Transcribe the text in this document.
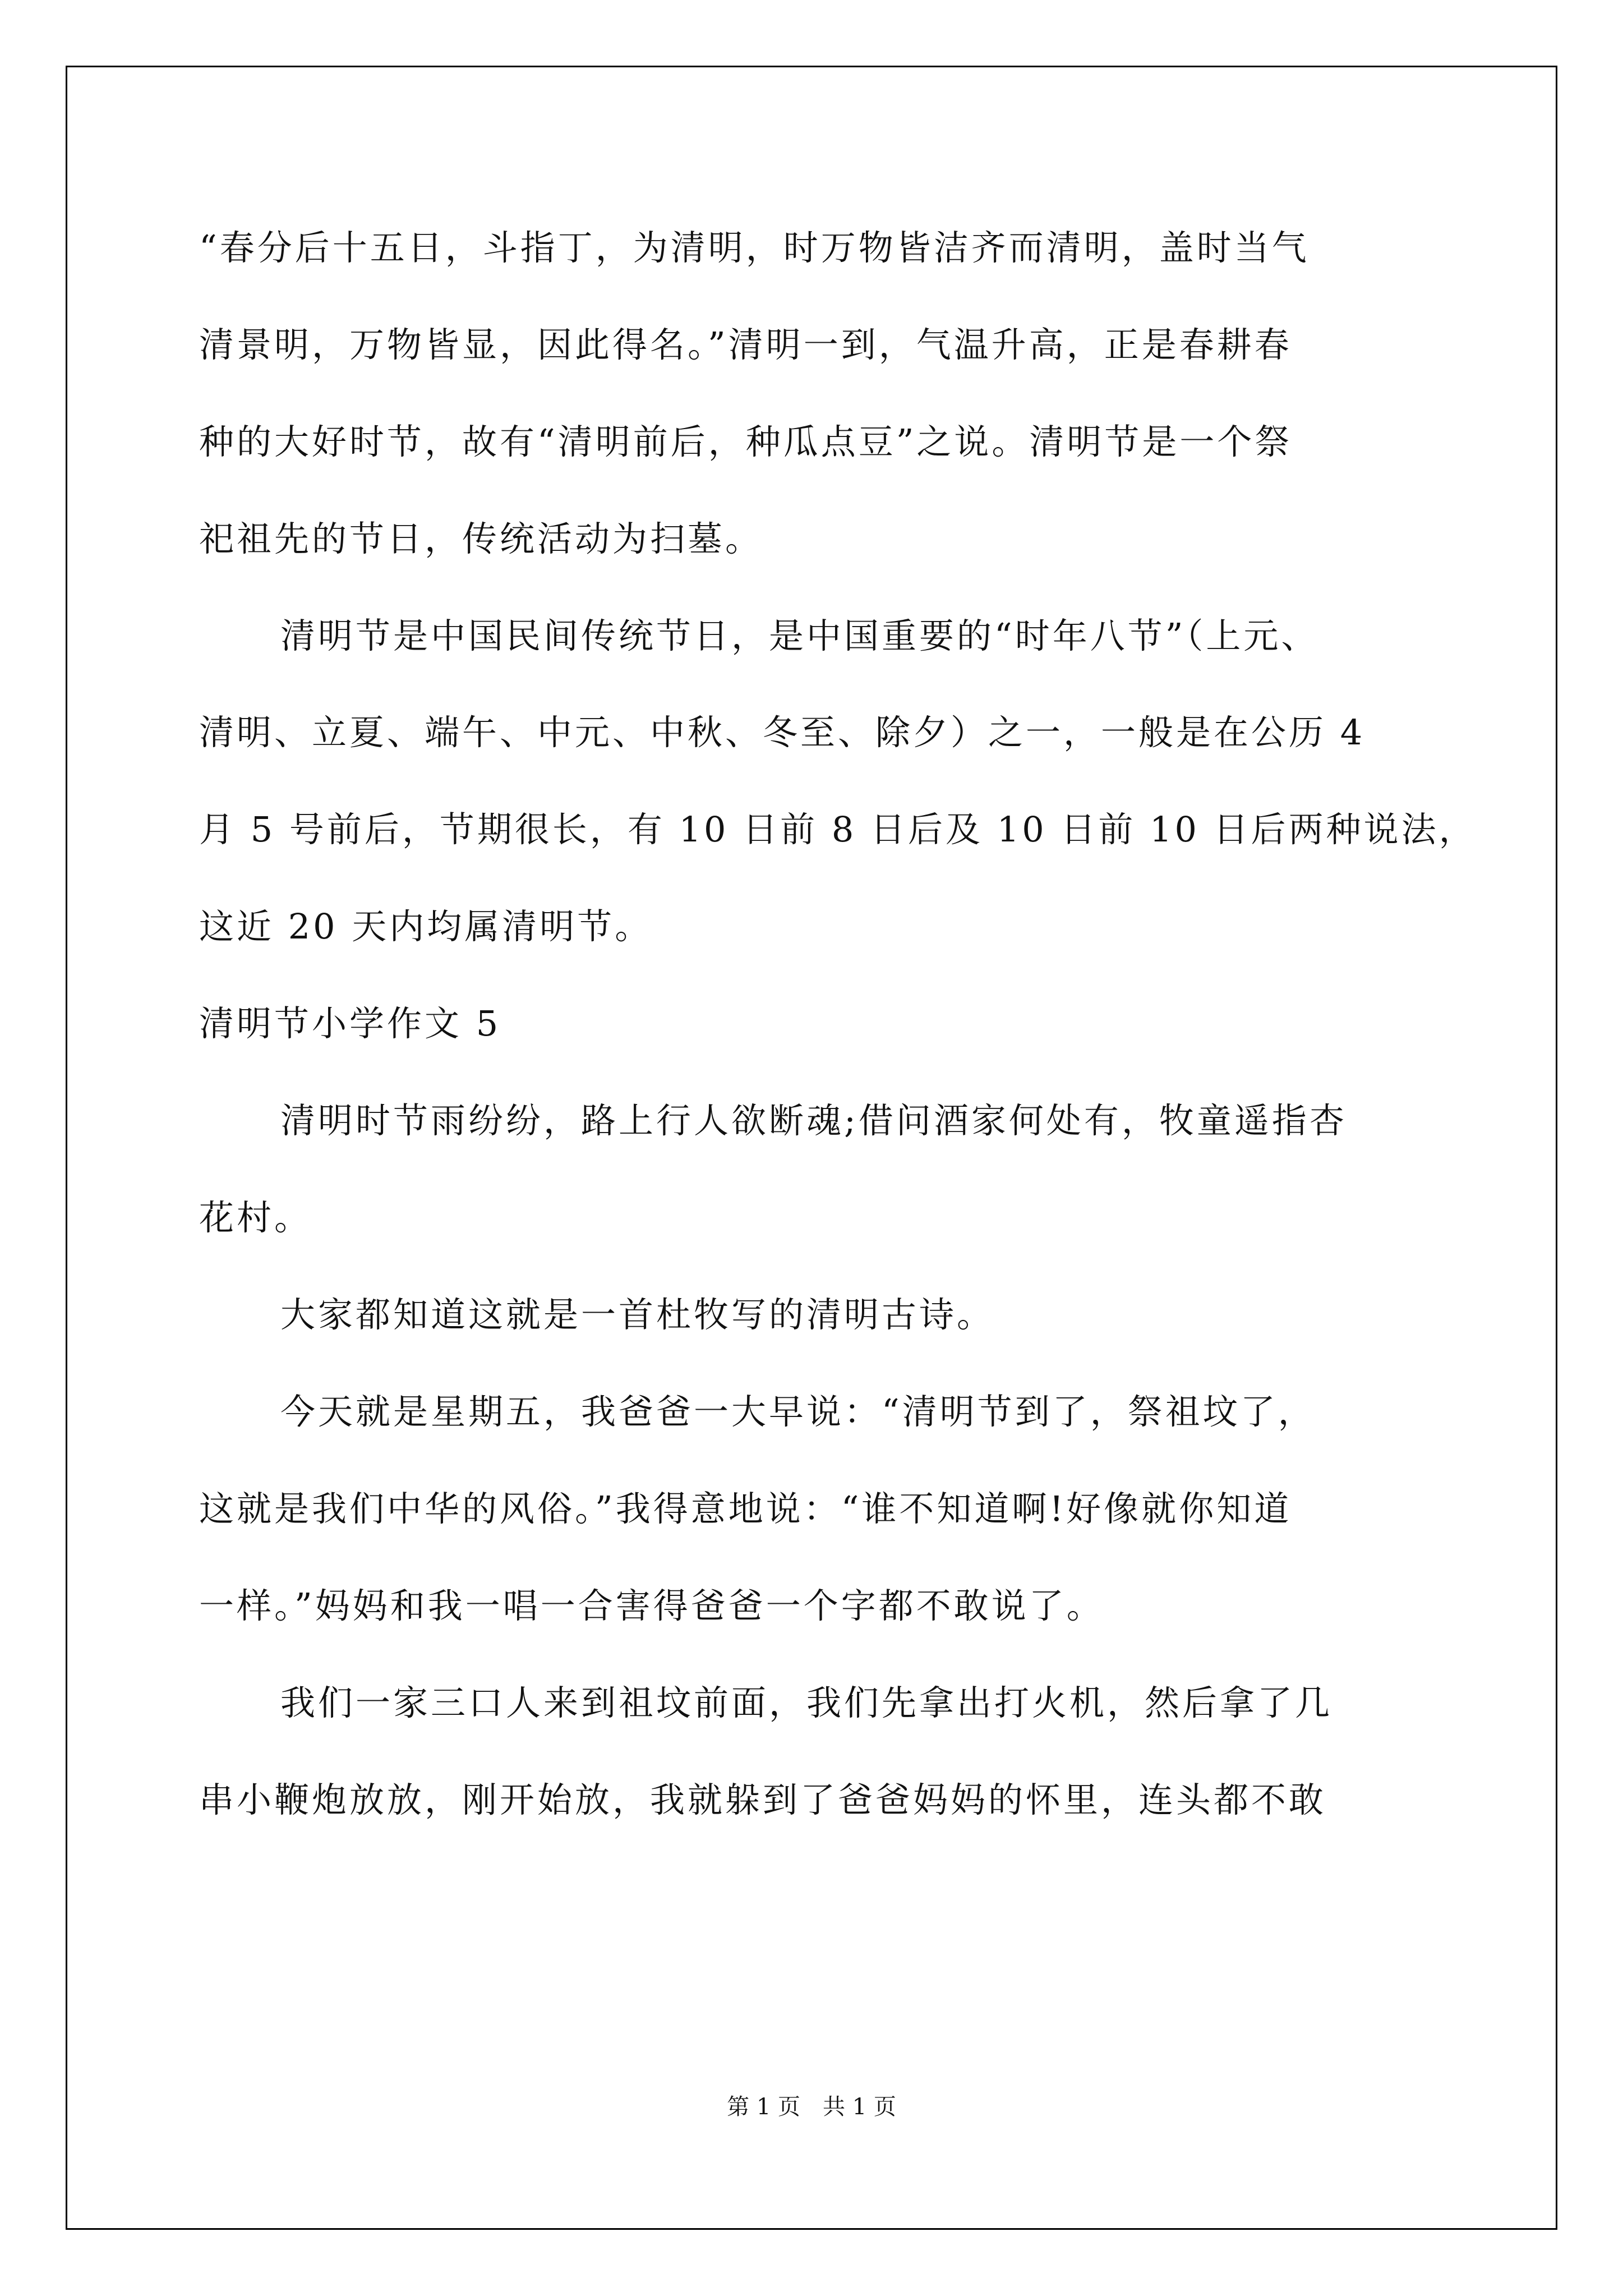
“春分后十五日，斗指丁，为清明，时万物皆洁齐而清明，盖时当气
清景明，万物皆显，因此得名。”清明一到，气温升高，正是春耕春
种的大好时节，故有“清明前后，种瓜点豆”之说。清明节是一个祭
祀祖先的节日，传统活动为扫墓。
清明节是中国民间传统节日，是中国重要的“时年八节”（上元、
清明、立夏、端午、中元、中秋、冬至、除夕）之一，一般是在公历 4
月 5 号前后，节期很长，有 10 日前 8 日后及 10 日前 10 日后两种说法，
这近 20 天内均属清明节。
清明节小学作文 5
清明时节雨纷纷，路上行人欲断魂;借问酒家何处有，牧童遥指杏
花村。
大家都知道这就是一首杜牧写的清明古诗。
今天就是星期五，我爸爸一大早说：“清明节到了，祭祖坟了，
这就是我们中华的风俗。”我得意地说：“谁不知道啊!好像就你知道
一样。”妈妈和我一唱一合害得爸爸一个字都不敢说了。
我们一家三口人来到祖坟前面，我们先拿出打火机，然后拿了几
串小鞭炮放放，刚开始放，我就躲到了爸爸妈妈的怀里，连头都不敢
第 1 页　共 1 页
